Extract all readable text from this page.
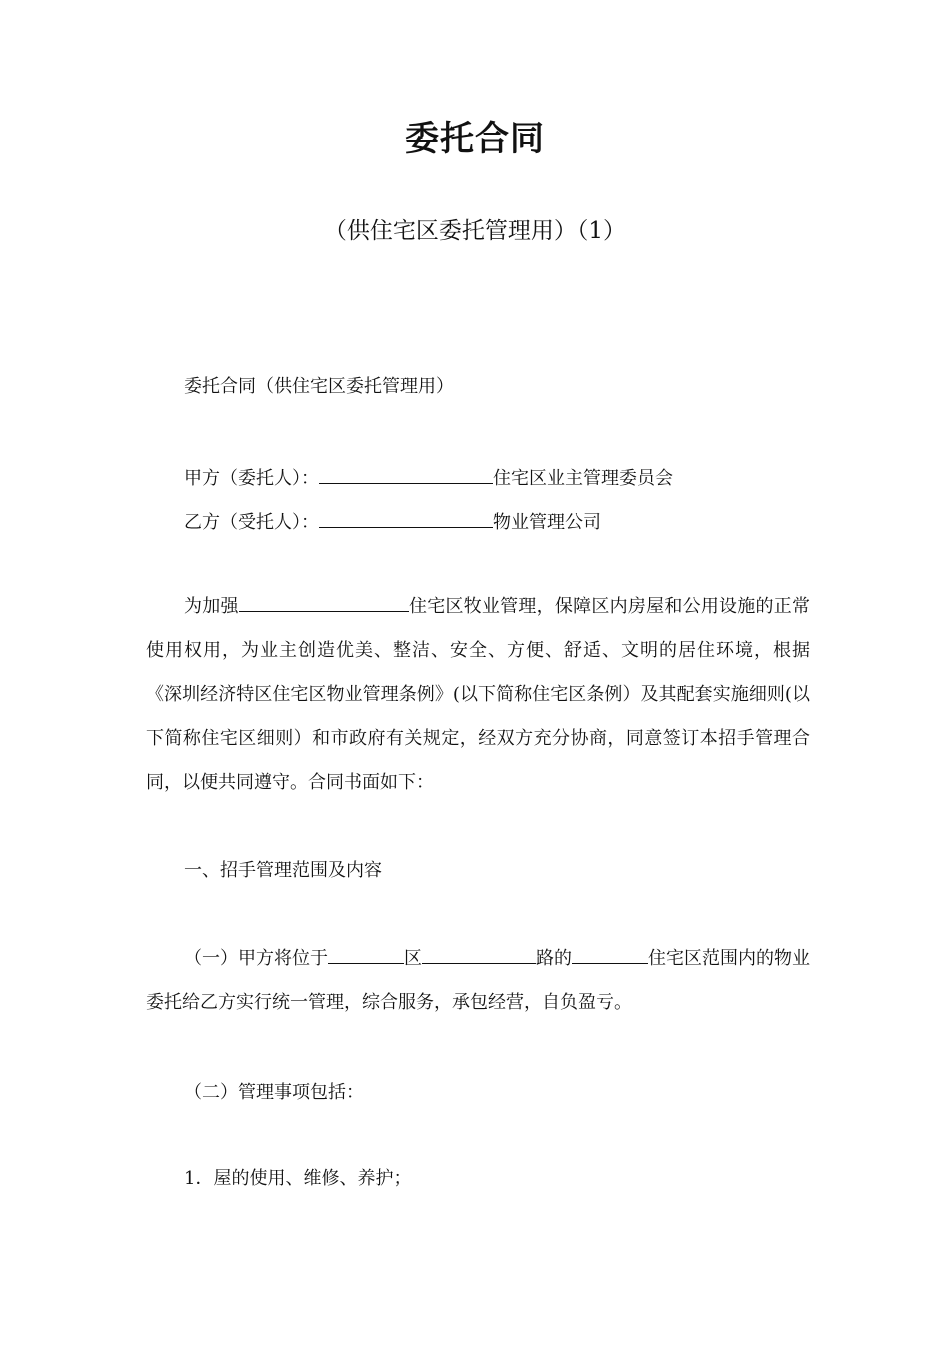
委托合同
（供住宅区委托管理用）（1）
委托合同（供住宅区委托管理用）
甲方（委托人）：	住宅区业主管理委员会
乙方（受托人）：	物业管理公司
为加强	住宅区牧业管理，保障区内房屋和公用设施的正常使用权用，为业主创造优美、整洁、安全、方便、舒适、文明的居住环境，根据《深圳经济特区住宅区物业管理条例》(以下简称住宅区条例）及其配套实施细则(以下简称住宅区细则）和市政府有关规定，经双方充分协商，同意签订本招手管理合同，以便共同遵守。合同书面如下：
一、招手管理范围及内容
（一）甲方将位于	区	路的	住宅区范围内的物业委托给乙方实行统一管理，综合服务，承包经营，自负盈亏。
（二）管理事项包括：
1．屋的使用、维修、养护；
